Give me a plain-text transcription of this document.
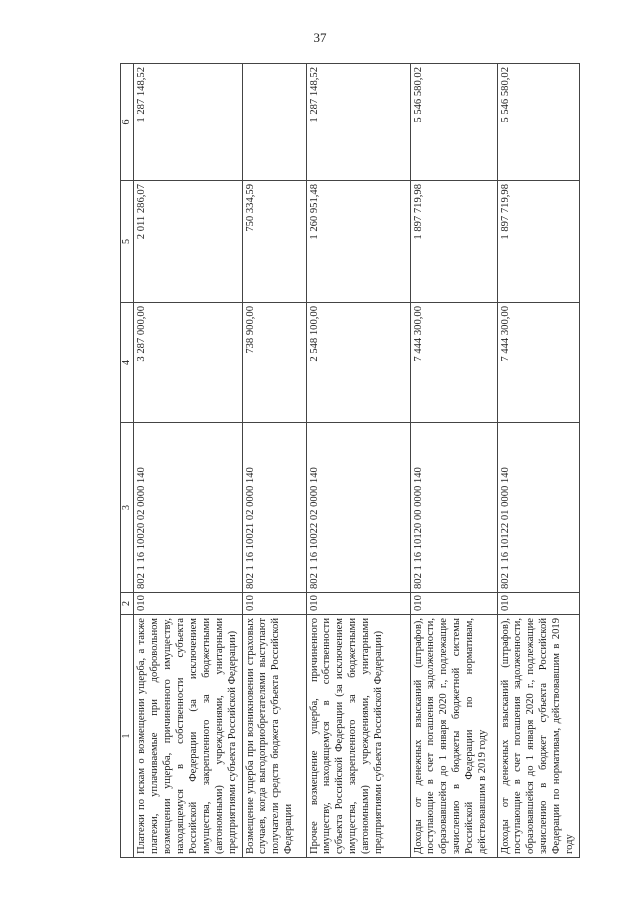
37
1	2	3	4	5	6
Платежи по искам о возмещении ущерба, а также платежи, уплачиваемые при добровольном возмещении ущерба, причиненного имуществу, находящемуся в собственности субъекта Российской Федерации (за исключением имущества, закрепленного за бюджетными (автономными) учреждениями, унитарными предприятиями субъекта Российской Федерации)	010	802 1 16 10020 02 0000 140	3 287 000,00	2 011 286,07	1 287 148,52
Возмещение ущерба при возникновении страховых случаев, когда выгодоприобретателями выступают получатели средств бюджета субъекта Российской Федерации	010	802 1 16 10021 02 0000 140	738 900,00	750 334,59	
Прочее возмещение ущерба, причиненного имуществу, находящемуся в собственности субъекта Российской Федерации (за исключением имущества, закрепленного за бюджетными (автономными) учреждениями, унитарными предприятиями субъекта Российской Федерации)	010	802 1 16 10022 02 0000 140	2 548 100,00	1 260 951,48	1 287 148,52
Доходы от денежных взысканий (штрафов), поступающие в счет погашения задолженности, образовавшейся до 1 января 2020 г., подлежащие зачислению в бюджеты бюджетной системы Российской Федерации по нормативам, действовавшим в 2019 году	010	802 1 16 10120 00 0000 140	7 444 300,00	1 897 719,98	5 546 580,02
Доходы от денежных взысканий (штрафов), поступающие в счет погашения задолженности, образовавшейся до 1 января 2020 г., подлежащие зачислению в бюджет субъекта Российской Федерации по нормативам, действовавшим в 2019 году	010	802 1 16 10122 01 0000 140	7 444 300,00	1 897 719,98	5 546 580,02
